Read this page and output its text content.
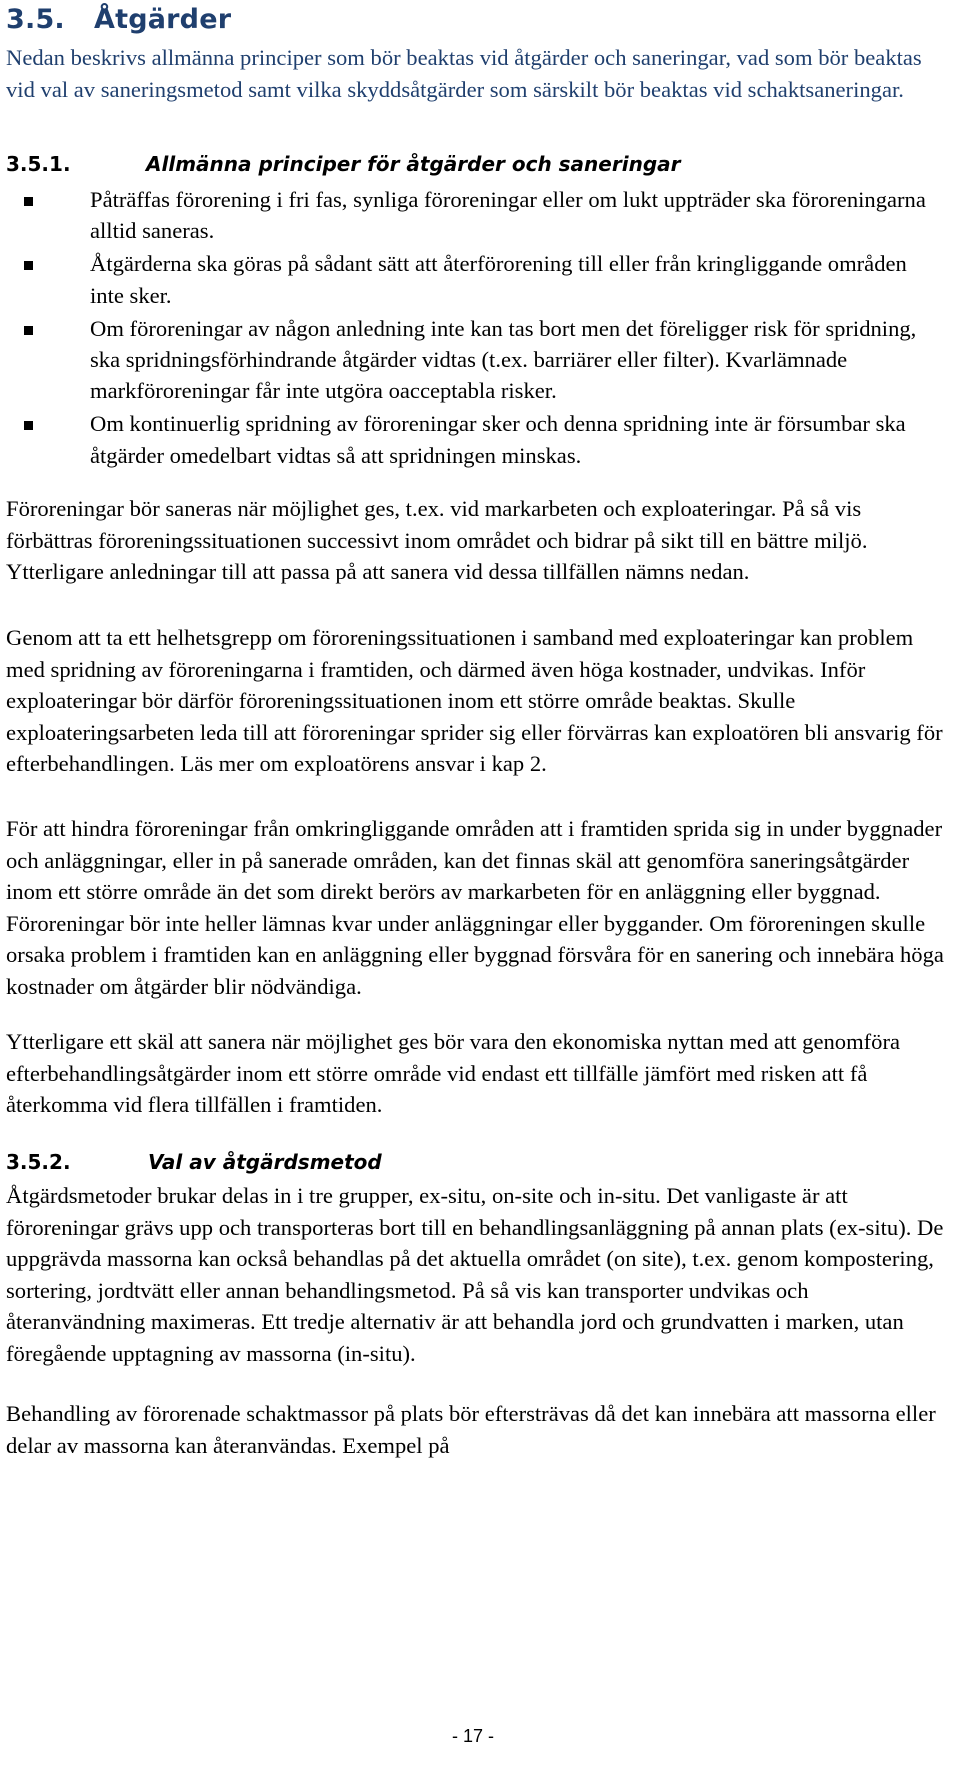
3.5. Åtgärder

Nedan beskrivs allmänna principer som bör beaktas vid åtgärder och saneringar, vad som bör beaktas vid val av saneringsmetod samt vilka skyddsåtgärder som särskilt bör beaktas vid schaktsaneringar.

3.5.1.	Allmänna principer för åtgärder och saneringar
Påträffas förorening i fri fas, synliga föroreningar eller om lukt uppträder ska föroreningarna alltid saneras.
Åtgärderna ska göras på sådant sätt att återförorening till eller från kringliggande områden inte sker.
Om föroreningar av någon anledning inte kan tas bort men det föreligger risk för spridning, ska spridningsförhindrande åtgärder vidtas (t.ex. barriärer eller filter). Kvarlämnade markföroreningar får inte utgöra oacceptabla risker.
Om kontinuerlig spridning av föroreningar sker och denna spridning inte är försumbar ska åtgärder omedelbart vidtas så att spridningen minskas.

Föroreningar bör saneras när möjlighet ges, t.ex. vid markarbeten och exploateringar. På så vis förbättras föroreningssituationen successivt inom området och bidrar på sikt till en bättre miljö. Ytterligare anledningar till att passa på att sanera vid dessa tillfällen nämns nedan.

Genom att ta ett helhetsgrepp om föroreningssituationen i samband med exploateringar kan problem med spridning av föroreningarna i framtiden, och därmed även höga kostnader, undvikas. Inför exploateringar bör därför föroreningssituationen inom ett större område beaktas. Skulle exploateringsarbeten leda till att föroreningar sprider sig eller förvärras kan exploatören bli ansvarig för efterbehandlingen. Läs mer om exploatörens ansvar i kap 2.

För att hindra föroreningar från omkringliggande områden att i framtiden sprida sig in under byggnader och anläggningar, eller in på sanerade områden, kan det finnas skäl att genomföra saneringsåtgärder inom ett större område än det som direkt berörs av markarbeten för en anläggning eller byggnad. Föroreningar bör inte heller lämnas kvar under anläggningar eller byggander. Om föroreningen skulle orsaka problem i framtiden kan en anläggning eller byggnad försvåra för en sanering och innebära höga kostnader om åtgärder blir nödvändiga.

Ytterligare ett skäl att sanera när möjlighet ges bör vara den ekonomiska nyttan med att genomföra efterbehandlingsåtgärder inom ett större område vid endast ett tillfälle jämfört med risken att få återkomma vid flera tillfällen i framtiden.

3.5.2.	Val av åtgärdsmetod

Åtgärdsmetoder brukar delas in i tre grupper, ex-situ, on-site och in-situ. Det vanligaste är att föroreningar grävs upp och transporteras bort till en behandlingsanläggning på annan plats (ex-situ). De uppgrävda massorna kan också behandlas på det aktuella området (on site), t.ex. genom kompostering, sortering, jordtvätt eller annan behandlingsmetod. På så vis kan transporter undvikas och återanvändning maximeras. Ett tredje alternativ är att behandla jord och grundvatten i marken, utan föregående upptagning av massorna (in-situ).

Behandling av förorenade schaktmassor på plats bör eftersträvas då det kan innebära att massorna eller delar av massorna kan återanvändas. Exempel på

- 17 -
